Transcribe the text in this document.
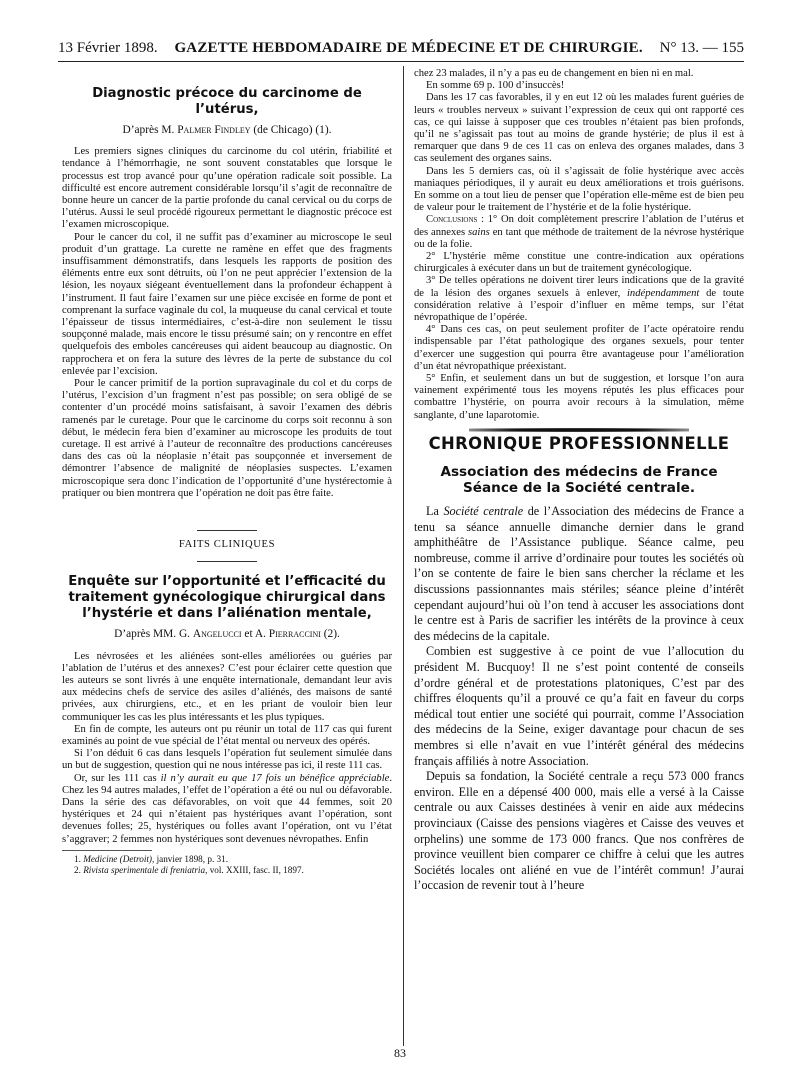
13 Février 1898. GAZETTE HEBDOMADAIRE DE MÉDECINE ET DE CHIRURGIE. N° 13. — 155
Diagnostic précoce du carcinome de l’utérus,
D’après M. Palmer Findley (de Chicago) (1).

Les premiers signes cliniques du carcinome du col utérin, friabilité et tendance à l’hémorrhagie, ne sont souvent constatables que lorsque le processus est trop avancé pour qu’une opération radicale soit possible. La difficulté est encore autrement considérable lorsqu’il s’agit de reconnaître de bonne heure un cancer de la partie profonde du canal cervical ou du corps de l’utérus. Aussi le seul procédé rigoureux permettant le diagnostic précoce est l’examen microscopique.

Pour le cancer du col, il ne suffit pas d’examiner au microscope le seul produit d’un grattage. La curette ne ramène en effet que des fragments insuffisamment démonstratifs, dans lesquels les rapports de position des éléments entre eux sont détruits, où l’on ne peut apprécier l’extension de la lésion, les noyaux siégeant éventuellement dans la profondeur échappent à l’instrument. Il faut faire l’examen sur une pièce excisée en forme de pont et comprenant la surface vaginale du col, la muqueuse du canal cervical et toute l’épaisseur de tissus intermédiaires, c’est-à-dire non seulement le tissu soupçonné malade, mais encore le tissu présumé sain; on y rencontre en effet quelquefois des emboles cancéreuses qui aident beaucoup au diagnostic. On rapprochera et on fera la suture des lèvres de la perte de substance du col enlevée par l’excision.

Pour le cancer primitif de la portion supravaginale du col et du corps de l’utérus, l’excision d’un fragment n’est pas possible; on sera obligé de se contenter d’un procédé moins satisfaisant, à savoir l’examen des débris ramenés par le curetage. Pour que le carcinome du corps soit reconnu à son début, le médecin fera bien d’examiner au microscope les produits de tout curetage. Il est arrivé à l’auteur de reconnaître des productions cancéreuses dans des cas où la néoplasie n’était pas soupçonnée et inversement de démontrer l’absence de malignité de néoplasies suspectes. L’examen microscopique sera donc l’indication de l’opportunité d’une hystérectomie à pratiquer ou bien montrera que l’opération ne doit pas être faite.

FAITS CLINIQUES
Enquête sur l’opportunité et l’efficacité du traitement gynécologique chirurgical dans l’hystérie et dans l’aliénation mentale,
D’après MM. G. Angelucci et A. Pierraccini (2).

Les névrosées et les aliénées sont-elles améliorées ou guéries par l’ablation de l’utérus et des annexes? C’est pour éclairer cette question que les auteurs se sont livrés à une enquête internationale, demandant leur avis aux médecins chefs de service des asiles d’aliénés, des maisons de santé privées, aux chirurgiens, etc., et en les priant de vouloir bien leur communiquer les cas les plus intéressants et les plus typiques.

En fin de compte, les auteurs ont pu réunir un total de 117 cas qui furent examinés au point de vue spécial de l’état mental ou nerveux des opérés.

Si l’on déduit 6 cas dans lesquels l’opération fut seulement simulée dans un but de suggestion, question qui ne nous intéresse pas ici, il reste 111 cas.

Or, sur les 111 cas il n’y aurait eu que 17 fois un bénéfice appréciable. Chez les 94 autres malades, l’effet de l’opération a été ou nul ou défavorable. Dans la série des cas défavorables, on voit que 44 femmes, soit 20 hystériques et 24 qui n’étaient pas hystériques avant l’opération, sont devenues folles; 25, hystériques ou folles avant l’opération, ont vu l’état s’aggraver; 2 femmes non hystériques sont devenues névropathes. Enfin

1. Medicine (Detroit), janvier 1898, p. 31.
2. Rivista sperimentale di freniatria, vol. XXIII, fasc. II, 1897.

chez 23 malades, il n’y a pas eu de changement en bien ni en mal.

En somme 69 p. 100 d’insuccès!

Dans les 17 cas favorables, il y en eut 12 où les malades furent guéries de leurs « troubles nerveux » suivant l’expression de ceux qui ont rapporté ces cas, ce qui laisse à supposer que ces troubles n’étaient pas bien profonds, qu’il ne s’agissait pas tout au moins de grande hystérie; de plus il est à remarquer que dans 9 de ces 11 cas on enleva des organes malades, dans 3 cas seulement des organes sains.

Dans les 5 derniers cas, où il s’agissait de folie hystérique avec accès maniaques périodiques, il y aurait eu deux améliorations et trois guérisons. En somme on a tout lieu de penser que l’opération elle-même est de bien peu de valeur pour le traitement de l’hystérie et de la folie hystérique.

Conclusions : 1° On doit complètement prescrire l’ablation de l’utérus et des annexes sains en tant que méthode de traitement de la névrose hystérique ou de la folie.

2° L’hystérie même constitue une contre-indication aux opérations chirurgicales à exécuter dans un but de traitement gynécologique.

3° De telles opérations ne doivent tirer leurs indications que de la gravité de la lésion des organes sexuels à enlever, indépendamment de toute considération relative à l’espoir d’influer en même temps, sur l’état névropathique de l’opérée.

4° Dans ces cas, on peut seulement profiter de l’acte opératoire rendu indispensable par l’état pathologique des organes sexuels, pour tenter d’exercer une suggestion qui pourra être avantageuse pour l’amélioration d’un état névropathique préexistant.

5° Enfin, et seulement dans un but de suggestion, et lorsque l’on aura vainement expérimenté tous les moyens réputés les plus efficaces pour combattre l’hystérie, on pourra avoir recours à la simulation, même sanglante, d’une laparotomie.

CHRONIQUE PROFESSIONNELLE
Association des médecins de France
Séance de la Société centrale.

La Société centrale de l’Association des médecins de France a tenu sa séance annuelle dimanche dernier dans le grand amphithéâtre de l’Assistance publique. Séance calme, peu nombreuse, comme il arrive d’ordinaire pour toutes les sociétés où l’on se contente de faire le bien sans chercher la réclame et les discussions passionnantes mais stériles; séance pleine d’intérêt cependant aujourd’hui où l’on tend à accuser les associations dont le centre est à Paris de sacrifier les intérêts de la province à ceux des médecins de la capitale.

Combien est suggestive à ce point de vue l’allocution du président M. Bucquoy! Il ne s’est point contenté de conseils d’ordre général et de protestations platoniques, C’est par des chiffres éloquents qu’il a prouvé ce qu’a fait en faveur du corps médical tout entier une société qui pourrait, comme l’Association des médecins de la Seine, exiger davantage pour chacun de ses membres si elle n’avait en vue l’intérêt général des médecins français affiliés à notre Association.

Depuis sa fondation, la Société centrale a reçu 573 000 francs environ. Elle en a dépensé 400 000, mais elle a versé à la Caisse centrale ou aux Caisses destinées à venir en aide aux médecins provinciaux (Caisse des pensions viagères et Caisse des veuves et orphelins) une somme de 173 000 francs. Que nos confrères de province veuillent bien comparer ce chiffre à celui que les autres Sociétés locales ont aliéné en vue de l’intérêt commun! J’aurai l’occasion de revenir tout à l’heure

83
